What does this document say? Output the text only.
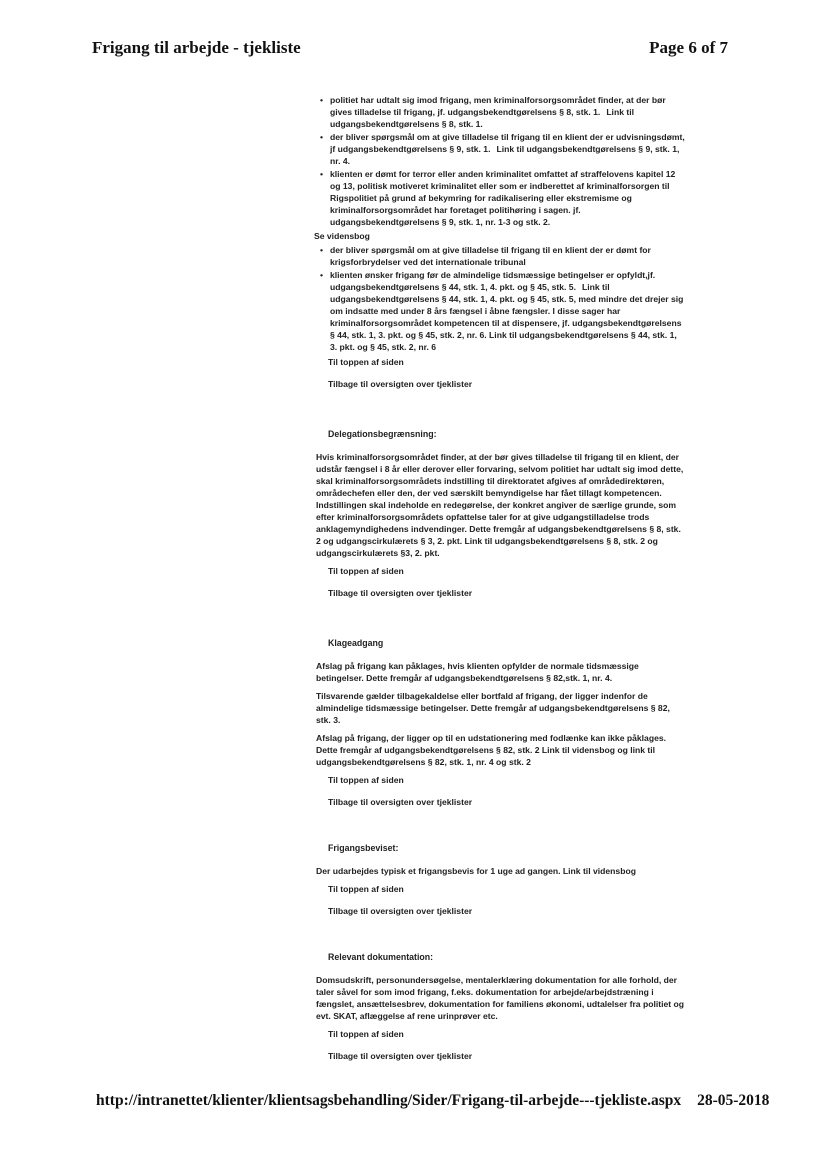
Frigang til arbejde - tjekliste	Page 6 of 7
• politiet har udtalt sig imod frigang, men kriminalforsorgsområdet finder, at der bør gives tilladelse til frigang, jf. udgangsbekendtgørelsens § 8, stk. 1. Link til udgangsbekendtgørelsens § 8, stk. 1.
• der bliver spørgsmål om at give tilladelse til frigang til en klient der er udvisningsdømt, jf udgangsbekendtgørelsens § 9, stk. 1. Link til udgangsbekendtgørelsens § 9, stk. 1, nr. 4.
• klienten er dømt for terror eller anden kriminalitet omfattet af straffelovens kapitel 12 og 13, politisk motiveret kriminalitet eller som er indberettet af kriminalforsorgen til Rigspolitiet på grund af bekymring for radikalisering eller ekstremisme og kriminalforsorgsområdet har foretaget politihøring i sagen. jf. udgangsbekendtgørelsens § 9, stk. 1, nr. 1-3 og stk. 2.
Se vidensbog
• der bliver spørgsmål om at give tilladelse til frigang til en klient der er dømt for krigsforbrydelser ved det internationale tribunal
• klienten ønsker frigang før de almindelige tidsmæssige betingelser er opfyldt,jf. udgangsbekendtgørelsens § 44, stk. 1, 4. pkt. og § 45, stk. 5. Link til udgangsbekendtgørelsens § 44, stk. 1, 4. pkt. og § 45, stk. 5, med mindre det drejer sig om indsatte med under 8 års fængsel i åbne fængsler. I disse sager har kriminalforsorgsområdet kompetencen til at dispensere, jf. udgangsbekendtgørelsens § 44, stk. 1, 3. pkt. og § 45, stk. 2, nr. 6. Link til udgangsbekendtgørelsens § 44, stk. 1, 3. pkt. og § 45, stk. 2, nr. 6
Til toppen af siden
Tilbage til oversigten over tjeklister
Delegationsbegrænsning:
Hvis kriminalforsorgsområdet finder, at der bør gives tilladelse til frigang til en klient, der udstår fængsel i 8 år eller derover eller forvaring, selvom politiet har udtalt sig imod dette, skal kriminalforsorgsområdets indstilling til direktoratet afgives af områdedirektøren, områdechefen eller den, der ved særskilt bemyndigelse har fået tillagt kompetencen. Indstillingen skal indeholde en redegørelse, der konkret angiver de særlige grunde, som efter kriminalforsorgsområdets opfattelse taler for at give udgangstilladelse trods anklagemyndighedens indvendinger. Dette fremgår af udgangsbekendtgørelsens § 8, stk. 2 og udgangscirkulærets § 3, 2. pkt. Link til udgangsbekendtgørelsens § 8, stk. 2 og udgangscirkulærets §3, 2. pkt.
Til toppen af siden
Tilbage til oversigten over tjeklister
Klageadgang
Afslag på frigang kan påklages, hvis klienten opfylder de normale tidsmæssige betingelser. Dette fremgår af udgangsbekendtgørelsens § 82,stk. 1, nr. 4.
Tilsvarende gælder tilbagekaldelse eller bortfald af frigang, der ligger indenfor de almindelige tidsmæssige betingelser. Dette fremgår af udgangsbekendtgørelsens § 82, stk. 3.
Afslag på frigang, der ligger op til en udstationering med fodlænke kan ikke påklages. Dette fremgår af udgangsbekendtgørelsens § 82, stk. 2 Link til vidensbog og link til udgangsbekendtgørelsens § 82, stk. 1, nr. 4 og stk. 2
Til toppen af siden
Tilbage til oversigten over tjeklister
Frigangsbeviset:
Der udarbejdes typisk et frigangsbevis for 1 uge ad gangen. Link til vidensbog
Til toppen af siden
Tilbage til oversigten over tjeklister
Relevant dokumentation:
Domsudskrift, personundersøgelse, mentalerklæring dokumentation for alle forhold, der taler såvel for som imod frigang, f.eks. dokumentation for arbejde/arbejdstræning i fængslet, ansættelsesbrev, dokumentation for familiens økonomi, udtalelser fra politiet og evt. SKAT, aflæggelse af rene urinprøver etc.
Til toppen af siden
Tilbage til oversigten over tjeklister
http://intranettet/klienter/klientsagsbehandling/Sider/Frigang-til-arbejde---tjekliste.aspx 28-05-2018
